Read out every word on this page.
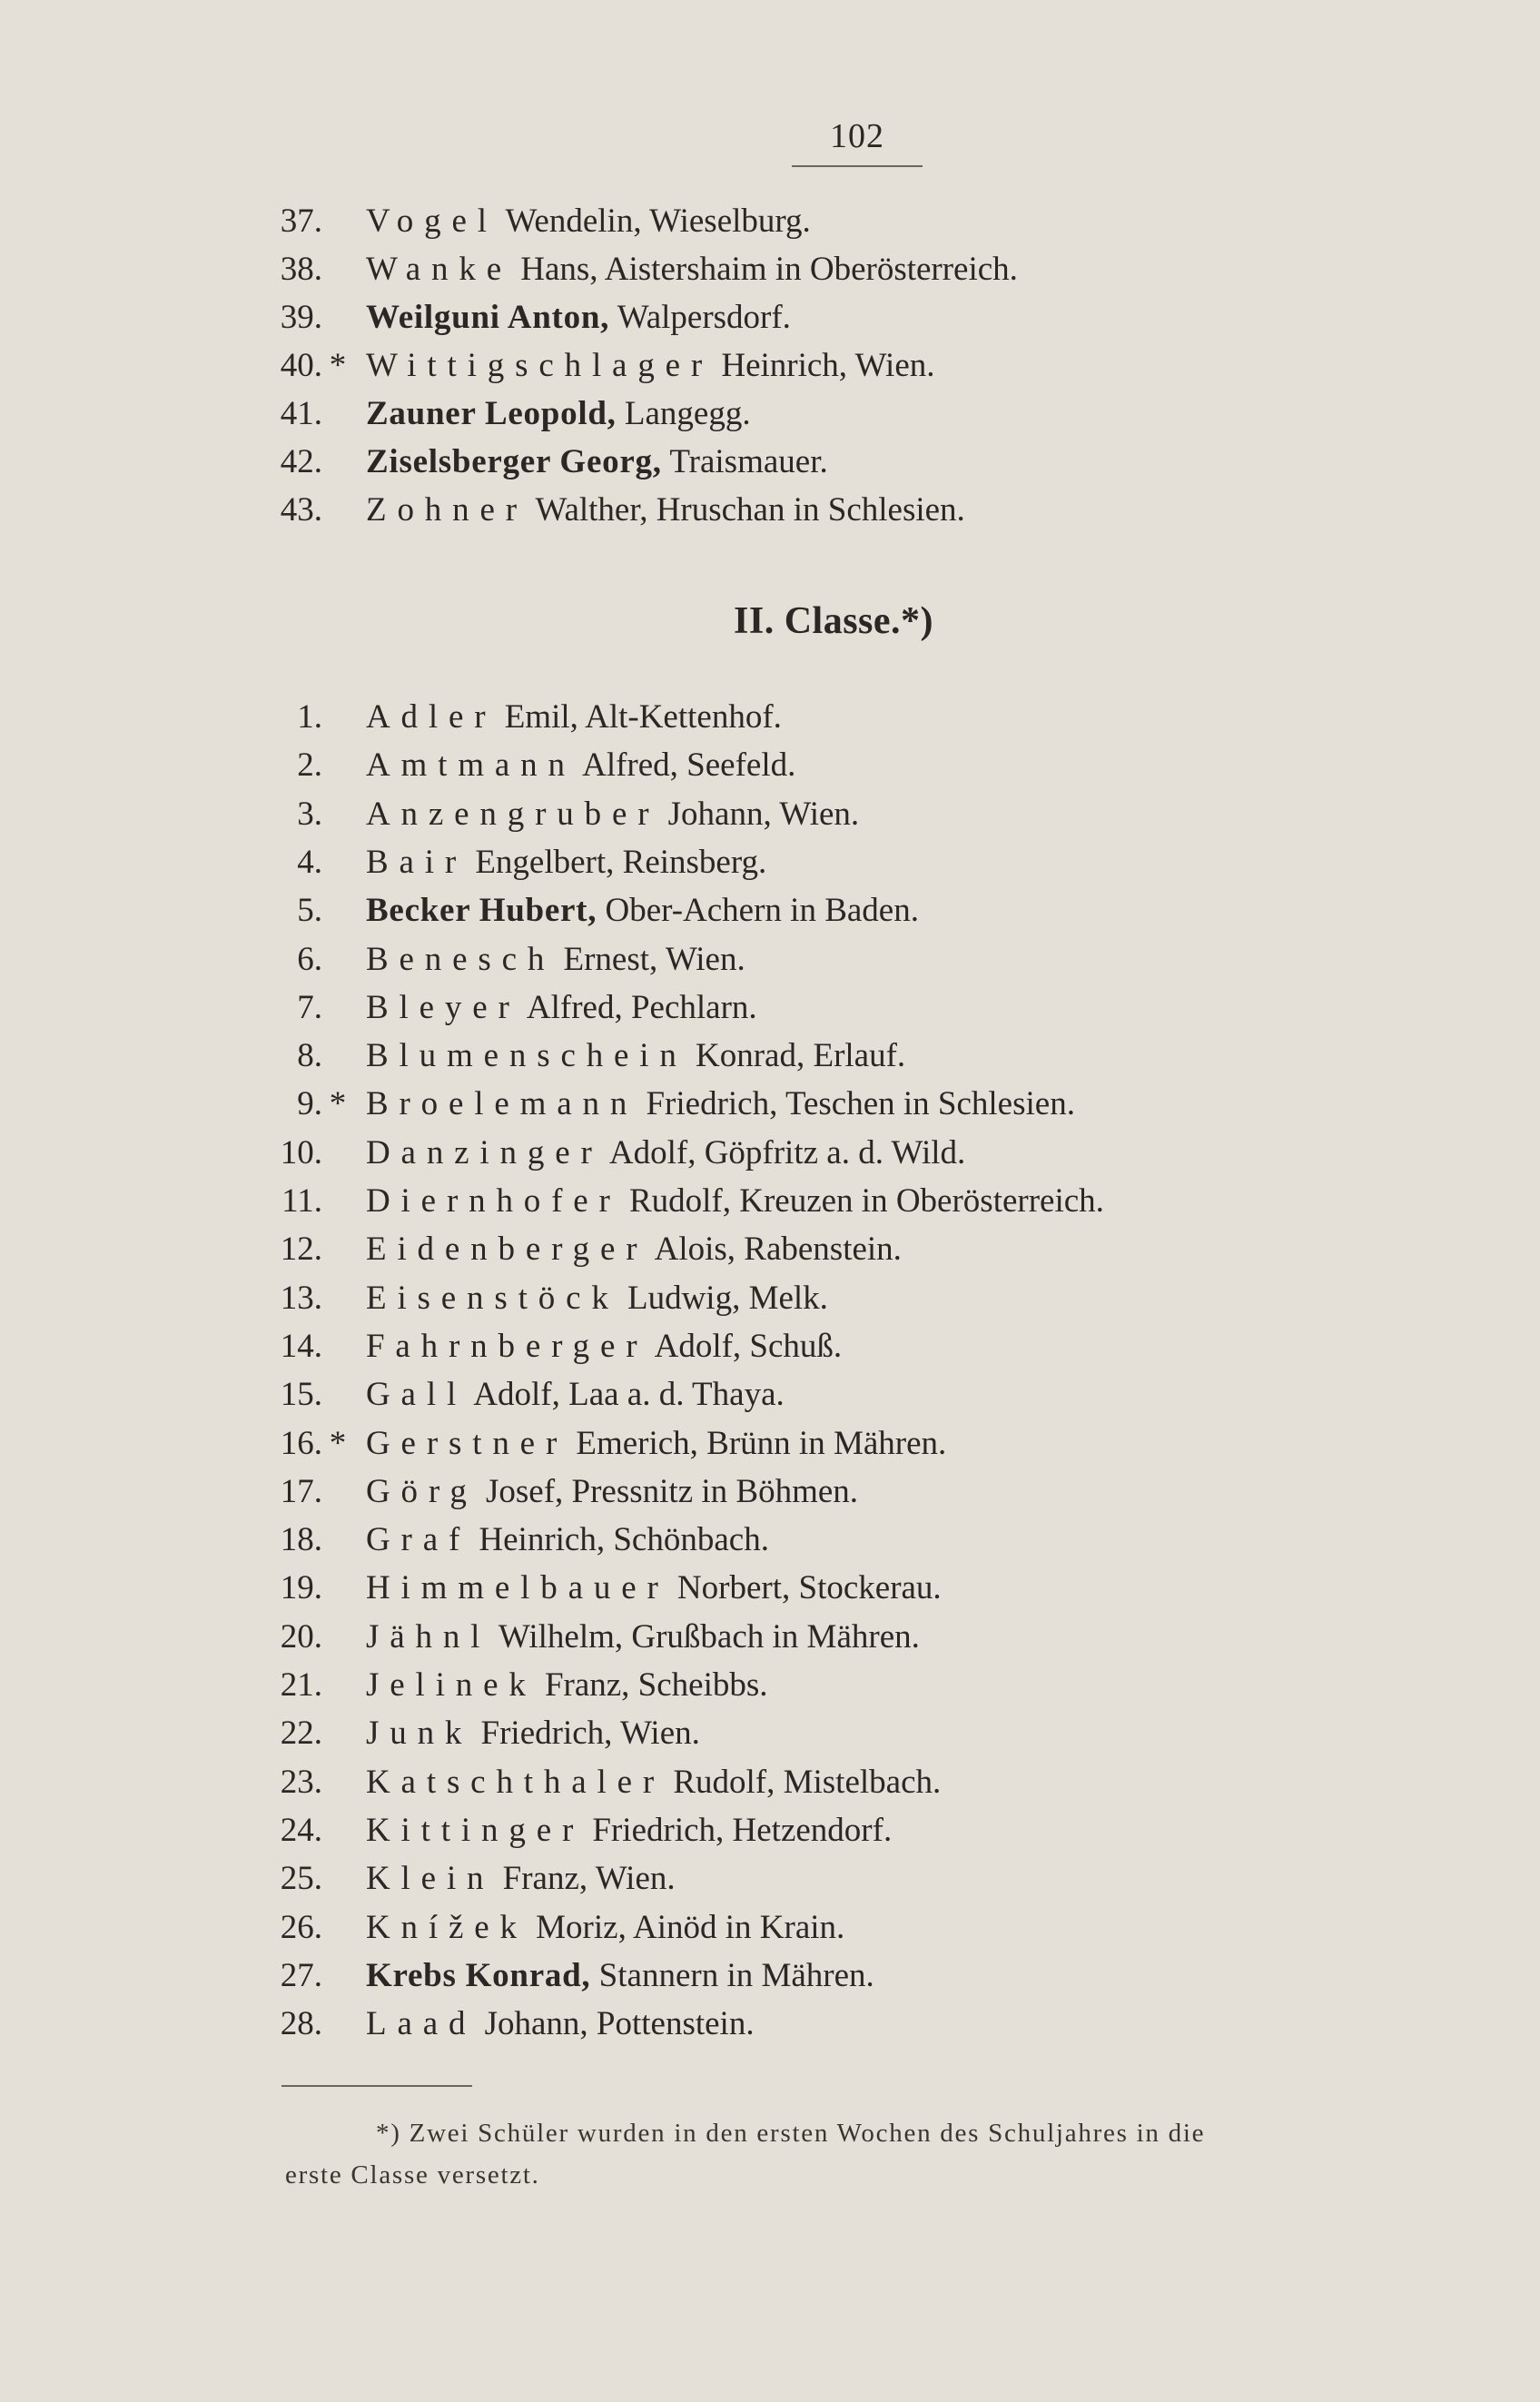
102
37. Vogel Wendelin, Wieselburg.
38. Wanke Hans, Aistershaim in Oberösterreich.
39. Weilguni Anton, Walpersdorf.
40. * Wittigschlager Heinrich, Wien.
41. Zauner Leopold, Langegg.
42. Ziselsberger Georg, Traismauer.
43. Zohner Walther, Hruschan in Schlesien.
II. Classe.*)
1. Adler Emil, Alt-Kettenhof.
2. Amtmann Alfred, Seefeld.
3. Anzengruber Johann, Wien.
4. Bair Engelbert, Reinsberg.
5. Becker Hubert, Ober-Achern in Baden.
6. Benesch Ernest, Wien.
7. Bleyer Alfred, Pechlarn.
8. Blumenschein Konrad, Erlauf.
9. * Broelemann Friedrich, Teschen in Schlesien.
10. Danzinger Adolf, Göpfritz a. d. Wild.
11. Diernhofer Rudolf, Kreuzen in Oberösterreich.
12. Eidenberger Alois, Rabenstein.
13. Eisenstöck Ludwig, Melk.
14. Fahrnberger Adolf, Schuß.
15. Gall Adolf, Laa a. d. Thaya.
16. * Gerstner Emerich, Brünn in Mähren.
17. Görg Josef, Pressnitz in Böhmen.
18. Graf Heinrich, Schönbach.
19. Himmelbauer Norbert, Stockerau.
20. Jähnl Wilhelm, Grußbach in Mähren.
21. Jelinek Franz, Scheibbs.
22. Junk Friedrich, Wien.
23. Katschthaler Rudolf, Mistelbach.
24. Kittinger Friedrich, Hetzendorf.
25. Klein Franz, Wien.
26. Knížek Moriz, Ainöd in Krain.
27. Krebs Konrad, Stannern in Mähren.
28. Laad Johann, Pottenstein.
*) Zwei Schüler wurden in den ersten Wochen des Schuljahres in die
erste Classe versetzt.
